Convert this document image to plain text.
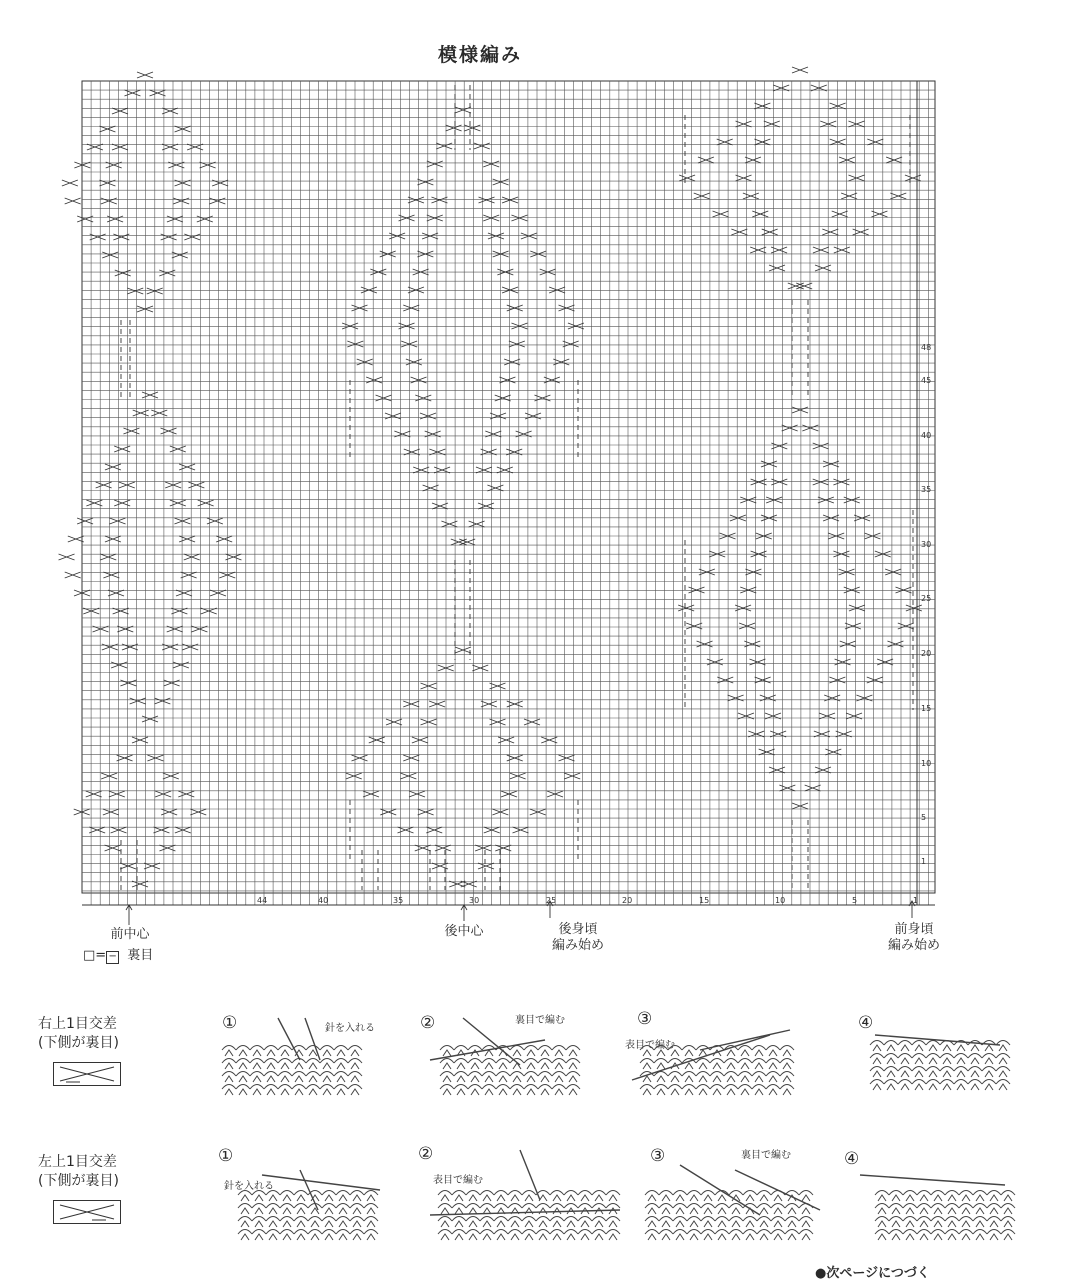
44	40	35	30	25	20	15	10	5	1
1
5
10
15
20
25
30
35
40
45
48
模様編み
前中心	後中心	後身頃
編み始め
前身頃
編み始め
□= − 裏目
右上1目交差
(下側が裏目)
左上1目交差
(下側が裏目)
①	針を入れる	②	裏目で編む	③
表目で編む
④
①
針を入れる
②
表目で編む
③	裏目で編む	④
●次ページにつづく
